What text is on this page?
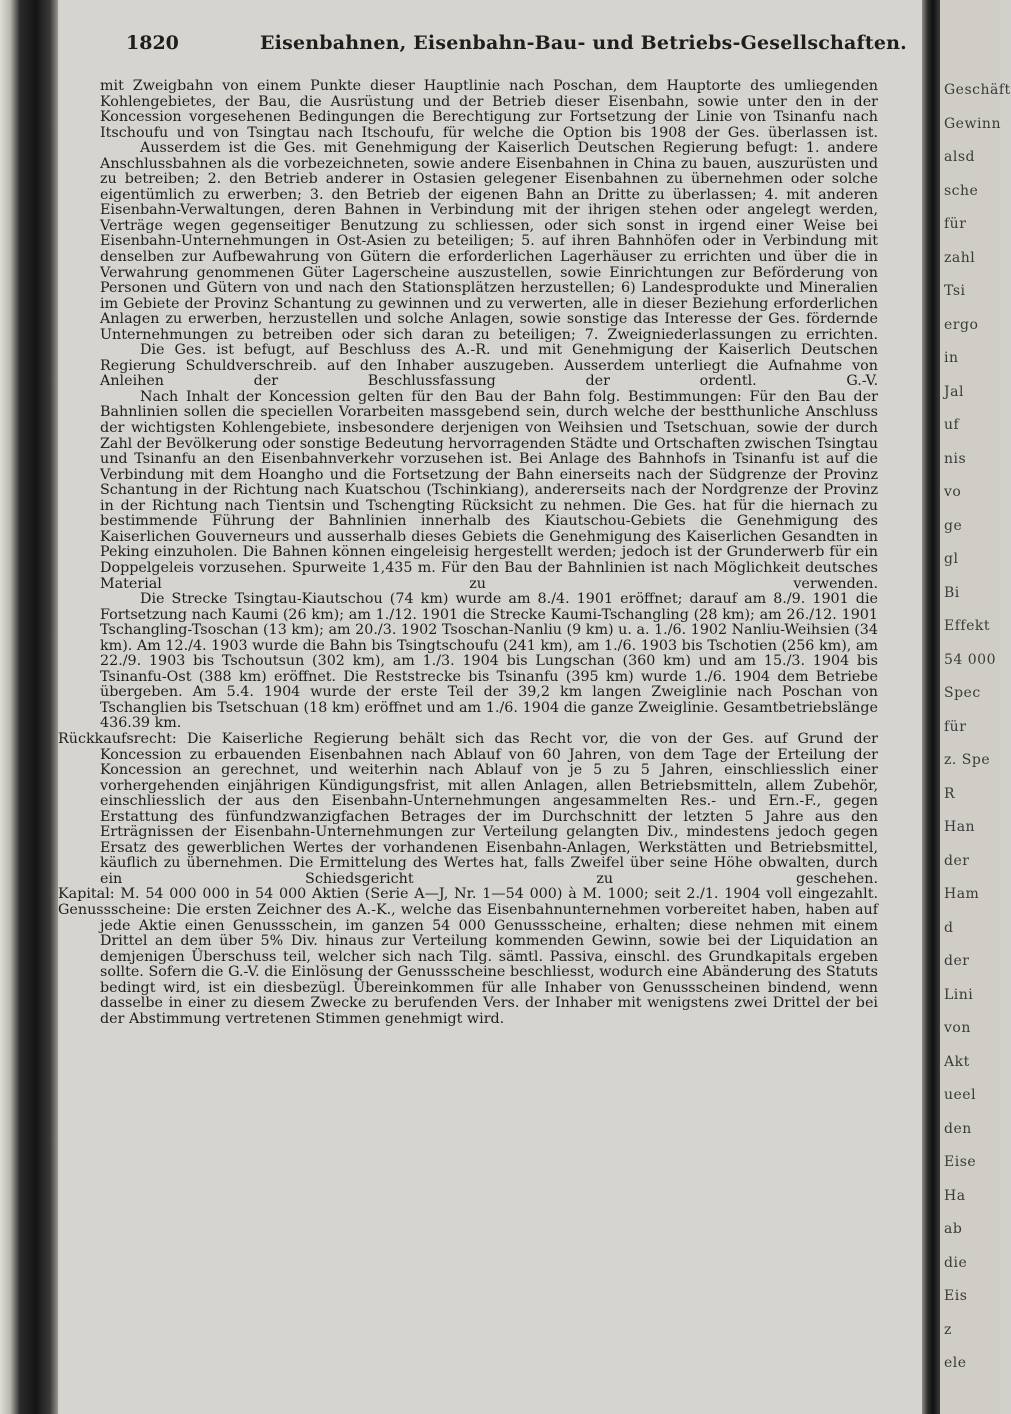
1820	Eisenbahnen, Eisenbahn-Bau- und Betriebs-Gesellschaften.

mit Zweigbahn von einem Punkte dieser Hauptlinie nach Poschan, dem Hauptorte des umliegenden Kohlengebietes, der Bau, die Ausrüstung und der Betrieb dieser Eisenbahn, sowie unter den in der Koncession vorgesehenen Bedingungen die Berechtigung zur Fortsetzung der Linie von Tsinanfu nach Itschoufu und von Tsingtau nach Itschoufu, für welche die Option bis 1908 der Ges. überlassen ist.

Ausserdem ist die Ges. mit Genehmigung der Kaiserlich Deutschen Regierung befugt: 1. andere Anschlussbahnen als die vorbezeichneten, sowie andere Eisenbahnen in China zu bauen, auszurüsten und zu betreiben; 2. den Betrieb anderer in Ostasien gelegener Eisenbahnen zu übernehmen oder solche eigentümlich zu erwerben; 3. den Betrieb der eigenen Bahn an Dritte zu überlassen; 4. mit anderen Eisenbahn-Verwaltungen, deren Bahnen in Verbindung mit der ihrigen stehen oder angelegt werden, Verträge wegen gegenseitiger Benutzung zu schliessen, oder sich sonst in irgend einer Weise bei Eisenbahn-Unternehmungen in Ost-Asien zu beteiligen; 5. auf ihren Bahnhöfen oder in Verbindung mit denselben zur Aufbewahrung von Gütern die erforderlichen Lagerhäuser zu errichten und über die in Verwahrung genommenen Güter Lagerscheine auszustellen, sowie Einrichtungen zur Beförderung von Personen und Gütern von und nach den Stationsplätzen herzustellen; 6) Landesprodukte und Mineralien im Gebiete der Provinz Schantung zu gewinnen und zu verwerten, alle in dieser Beziehung erforderlichen Anlagen zu erwerben, herzustellen und solche Anlagen, sowie sonstige das Interesse der Ges. fördernde Unternehmungen zu betreiben oder sich daran zu beteiligen; 7. Zweigniederlassungen zu errichten.

Die Ges. ist befugt, auf Beschluss des A.-R. und mit Genehmigung der Kaiserlich Deutschen Regierung Schuldverschreib. auf den Inhaber auszugeben. Ausserdem unterliegt die Aufnahme von Anleihen der Beschlussfassung der ordentl. G.-V.

Nach Inhalt der Koncession gelten für den Bau der Bahn folg. Bestimmungen: Für den Bau der Bahnlinien sollen die speciellen Vorarbeiten massgebend sein, durch welche der bestthunliche Anschluss der wichtigsten Kohlengebiete, insbesondere derjenigen von Weihsien und Tsetschuan, sowie der durch Zahl der Bevölkerung oder sonstige Bedeutung hervorragenden Städte und Ortschaften zwischen Tsingtau und Tsinanfu an den Eisenbahnverkehr vorzusehen ist. Bei Anlage des Bahnhofs in Tsinanfu ist auf die Verbindung mit dem Hoangho und die Fortsetzung der Bahn einerseits nach der Südgrenze der Provinz Schantung in der Richtung nach Kuatschou (Tschinkiang), andererseits nach der Nordgrenze der Provinz in der Richtung nach Tientsin und Tschengting Rücksicht zu nehmen. Die Ges. hat für die hiernach zu bestimmende Führung der Bahnlinien innerhalb des Kiautschou-Gebiets die Genehmigung des Kaiserlichen Gouverneurs und ausserhalb dieses Gebiets die Genehmigung des Kaiserlichen Gesandten in Peking einzuholen. Die Bahnen können eingeleisig hergestellt werden; jedoch ist der Grunderwerb für ein Doppelgeleis vorzusehen. Spurweite 1,435 m. Für den Bau der Bahnlinien ist nach Möglichkeit deutsches Material zu verwenden.

Die Strecke Tsingtau-Kiautschou (74 km) wurde am 8./4. 1901 eröffnet; darauf am 8./9. 1901 die Fortsetzung nach Kaumi (26 km); am 1./12. 1901 die Strecke Kaumi-Tschangling (28 km); am 26./12. 1901 Tschangling-Tsoschan (13 km); am 20./3. 1902 Tsoschan-Nanliu (9 km) u. a. 1./6. 1902 Nanliu-Weihsien (34 km). Am 12./4. 1903 wurde die Bahn bis Tsingtschoufu (241 km), am 1./6. 1903 bis Tschotien (256 km), am 22./9. 1903 bis Tschoutsun (302 km), am 1./3. 1904 bis Lungschan (360 km) und am 15./3. 1904 bis Tsinanfu-Ost (388 km) eröffnet. Die Reststrecke bis Tsinanfu (395 km) wurde 1./6. 1904 dem Betriebe übergeben. Am 5.4. 1904 wurde der erste Teil der 39,2 km langen Zweiglinie nach Poschan von Tschanglien bis Tsetschuan (18 km) eröffnet und am 1./6. 1904 die ganze Zweiglinie. Gesamtbetriebslänge 436.39 km.

Rückkaufsrecht: Die Kaiserliche Regierung behält sich das Recht vor, die von der Ges. auf Grund der Koncession zu erbauenden Eisenbahnen nach Ablauf von 60 Jahren, von dem Tage der Erteilung der Koncession an gerechnet, und weiterhin nach Ablauf von je 5 zu 5 Jahren, einschliesslich einer vorhergehenden einjährigen Kündigungsfrist, mit allen Anlagen, allen Betriebsmitteln, allem Zubehör, einschliesslich der aus den Eisenbahn-Unternehmungen angesammelten Res.- und Ern.-F., gegen Erstattung des fünfundzwanzigfachen Betrages der im Durchschnitt der letzten 5 Jahre aus den Erträgnissen der Eisenbahn-Unternehmungen zur Verteilung gelangten Div., mindestens jedoch gegen Ersatz des gewerblichen Wertes der vorhandenen Eisenbahn-Anlagen, Werkstätten und Betriebsmittel, käuflich zu übernehmen. Die Ermittelung des Wertes hat, falls Zweifel über seine Höhe obwalten, durch ein Schiedsgericht zu geschehen.

Kapital: M. 54 000 000 in 54 000 Aktien (Serie A—J, Nr. 1—54 000) à M. 1000; seit 2./1. 1904 voll eingezahlt.

Genussscheine: Die ersten Zeichner des A.-K., welche das Eisenbahnunternehmen vorbereitet haben, haben auf jede Aktie einen Genussschein, im ganzen 54 000 Genussscheine, erhalten; diese nehmen mit einem Drittel an dem über 5% Div. hinaus zur Verteilung kommenden Gewinn, sowie bei der Liquidation an demjenigen Überschuss teil, welcher sich nach Tilg. sämtl. Passiva, einschl. des Grundkapitals ergeben sollte. Sofern die G.-V. die Einlösung der Genussscheine beschliesst, wodurch eine Abänderung des Statuts bedingt wird, ist ein diesbezügl. Übereinkommen für alle Inhaber von Genussscheinen bindend, wenn dasselbe in einer zu diesem Zwecke zu berufenden Vers. der Inhaber mit wenigstens zwei Drittel der bei der Abstimmung vertretenen Stimmen genehmigt wird.

Geschäft
Gewinn
alsd
sche
für
zahl
Tsi
ergo
in
Jal
uf
nis
vo
ge
gl
Bi
Effekt
54 000
Spec
für
z. Spe
R
Han
der
Ham
d
der
Lini
von
Akt
ueel
den
Eise
Ha
ab
die
Eis
z
ele
